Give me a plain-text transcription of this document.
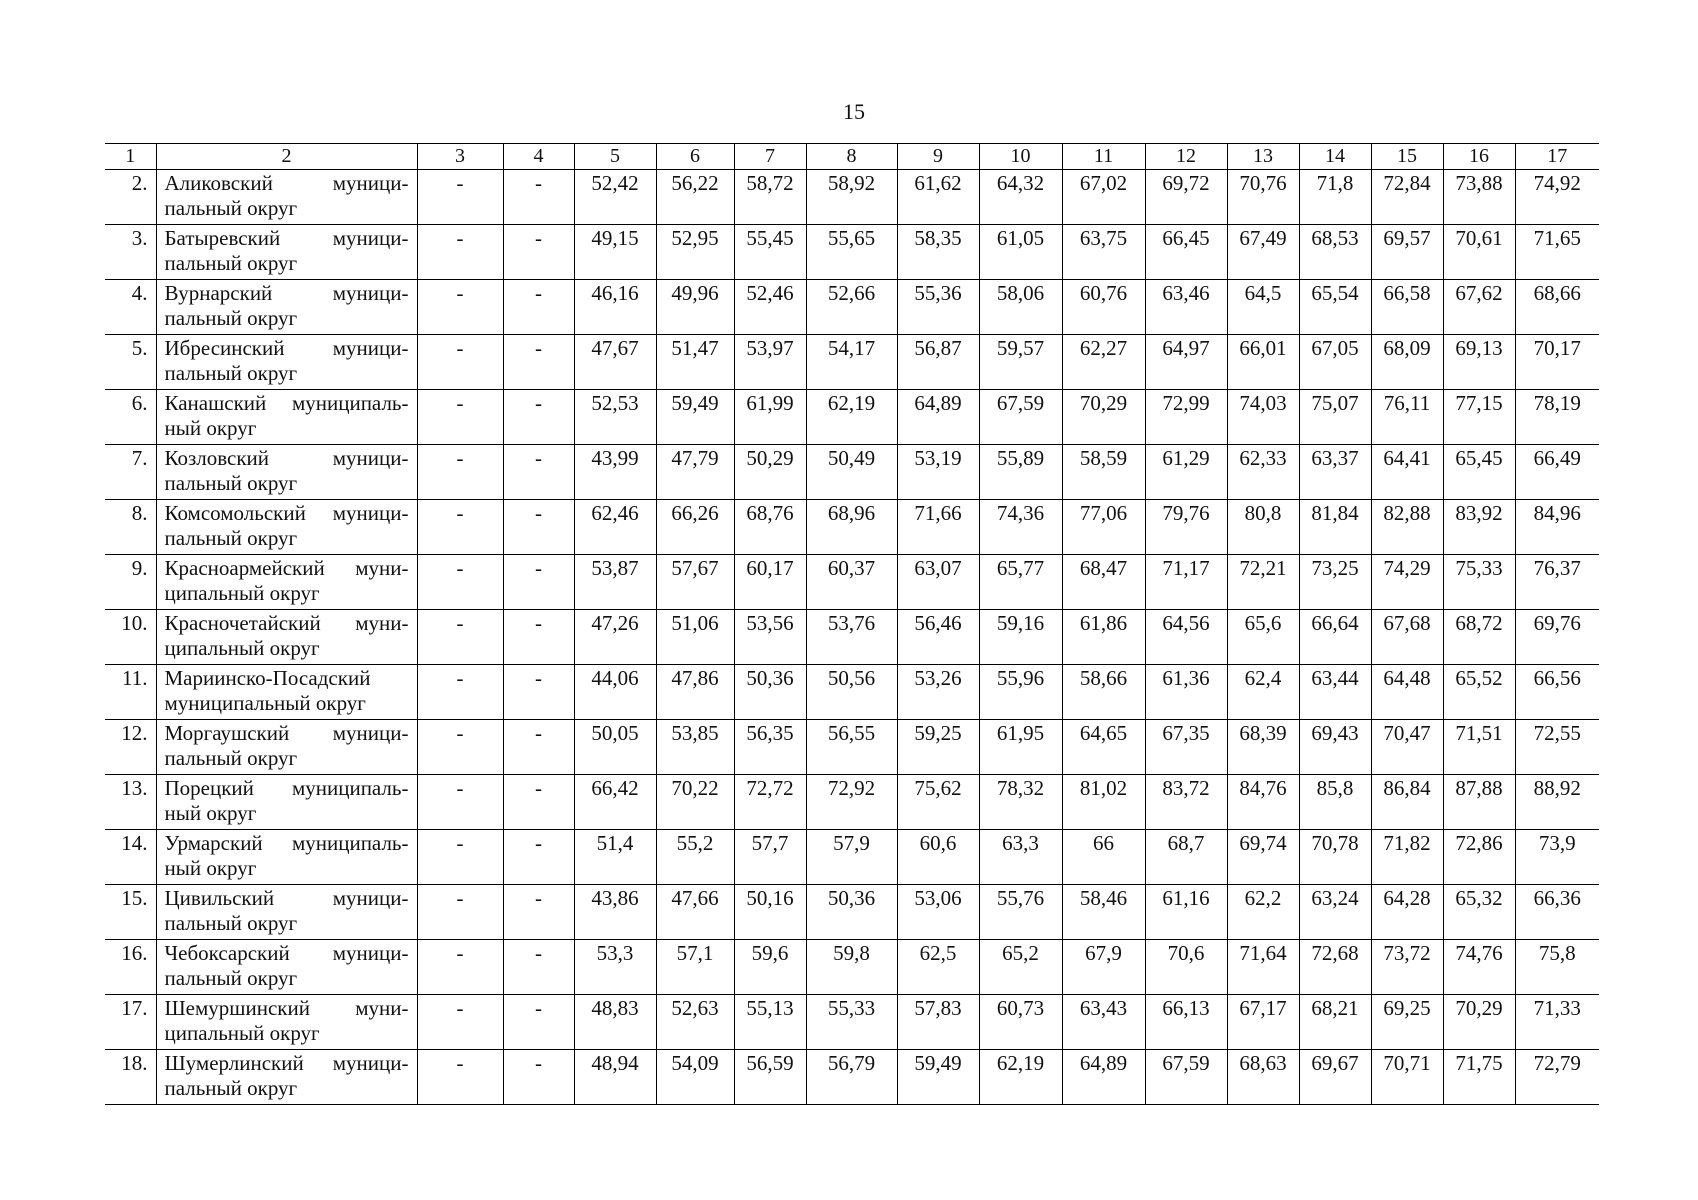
15
1	2	3	4	5	6	7	8	9	10	11	12	13	14	15	16	17
2.	Аликовский муници-пальный округ	-	-	52,42	56,22	58,72	58,92	61,62	64,32	67,02	69,72	70,76	71,8	72,84	73,88	74,92
3.	Батыревский муници-пальный округ	-	-	49,15	52,95	55,45	55,65	58,35	61,05	63,75	66,45	67,49	68,53	69,57	70,61	71,65
4.	Вурнарский муници-пальный округ	-	-	46,16	49,96	52,46	52,66	55,36	58,06	60,76	63,46	64,5	65,54	66,58	67,62	68,66
5.	Ибресинский муници-пальный округ	-	-	47,67	51,47	53,97	54,17	56,87	59,57	62,27	64,97	66,01	67,05	68,09	69,13	70,17
6.	Канашский муниципаль-ный округ	-	-	52,53	59,49	61,99	62,19	64,89	67,59	70,29	72,99	74,03	75,07	76,11	77,15	78,19
7.	Козловский муници-пальный округ	-	-	43,99	47,79	50,29	50,49	53,19	55,89	58,59	61,29	62,33	63,37	64,41	65,45	66,49
8.	Комсомольский муници-пальный округ	-	-	62,46	66,26	68,76	68,96	71,66	74,36	77,06	79,76	80,8	81,84	82,88	83,92	84,96
9.	Красноармейский муни-ципальный округ	-	-	53,87	57,67	60,17	60,37	63,07	65,77	68,47	71,17	72,21	73,25	74,29	75,33	76,37
10.	Красночетайский муни-ципальный округ	-	-	47,26	51,06	53,56	53,76	56,46	59,16	61,86	64,56	65,6	66,64	67,68	68,72	69,76
11.	Мариинско-Посадский муниципальный округ	-	-	44,06	47,86	50,36	50,56	53,26	55,96	58,66	61,36	62,4	63,44	64,48	65,52	66,56
12.	Моргаушский муници-пальный округ	-	-	50,05	53,85	56,35	56,55	59,25	61,95	64,65	67,35	68,39	69,43	70,47	71,51	72,55
13.	Порецкий муниципаль-ный округ	-	-	66,42	70,22	72,72	72,92	75,62	78,32	81,02	83,72	84,76	85,8	86,84	87,88	88,92
14.	Урмарский муниципаль-ный округ	-	-	51,4	55,2	57,7	57,9	60,6	63,3	66	68,7	69,74	70,78	71,82	72,86	73,9
15.	Цивильский муници-пальный округ	-	-	43,86	47,66	50,16	50,36	53,06	55,76	58,46	61,16	62,2	63,24	64,28	65,32	66,36
16.	Чебоксарский муници-пальный округ	-	-	53,3	57,1	59,6	59,8	62,5	65,2	67,9	70,6	71,64	72,68	73,72	74,76	75,8
17.	Шемуршинский муни-ципальный округ	-	-	48,83	52,63	55,13	55,33	57,83	60,73	63,43	66,13	67,17	68,21	69,25	70,29	71,33
18.	Шумерлинский муници-пальный округ	-	-	48,94	54,09	56,59	56,79	59,49	62,19	64,89	67,59	68,63	69,67	70,71	71,75	72,79
